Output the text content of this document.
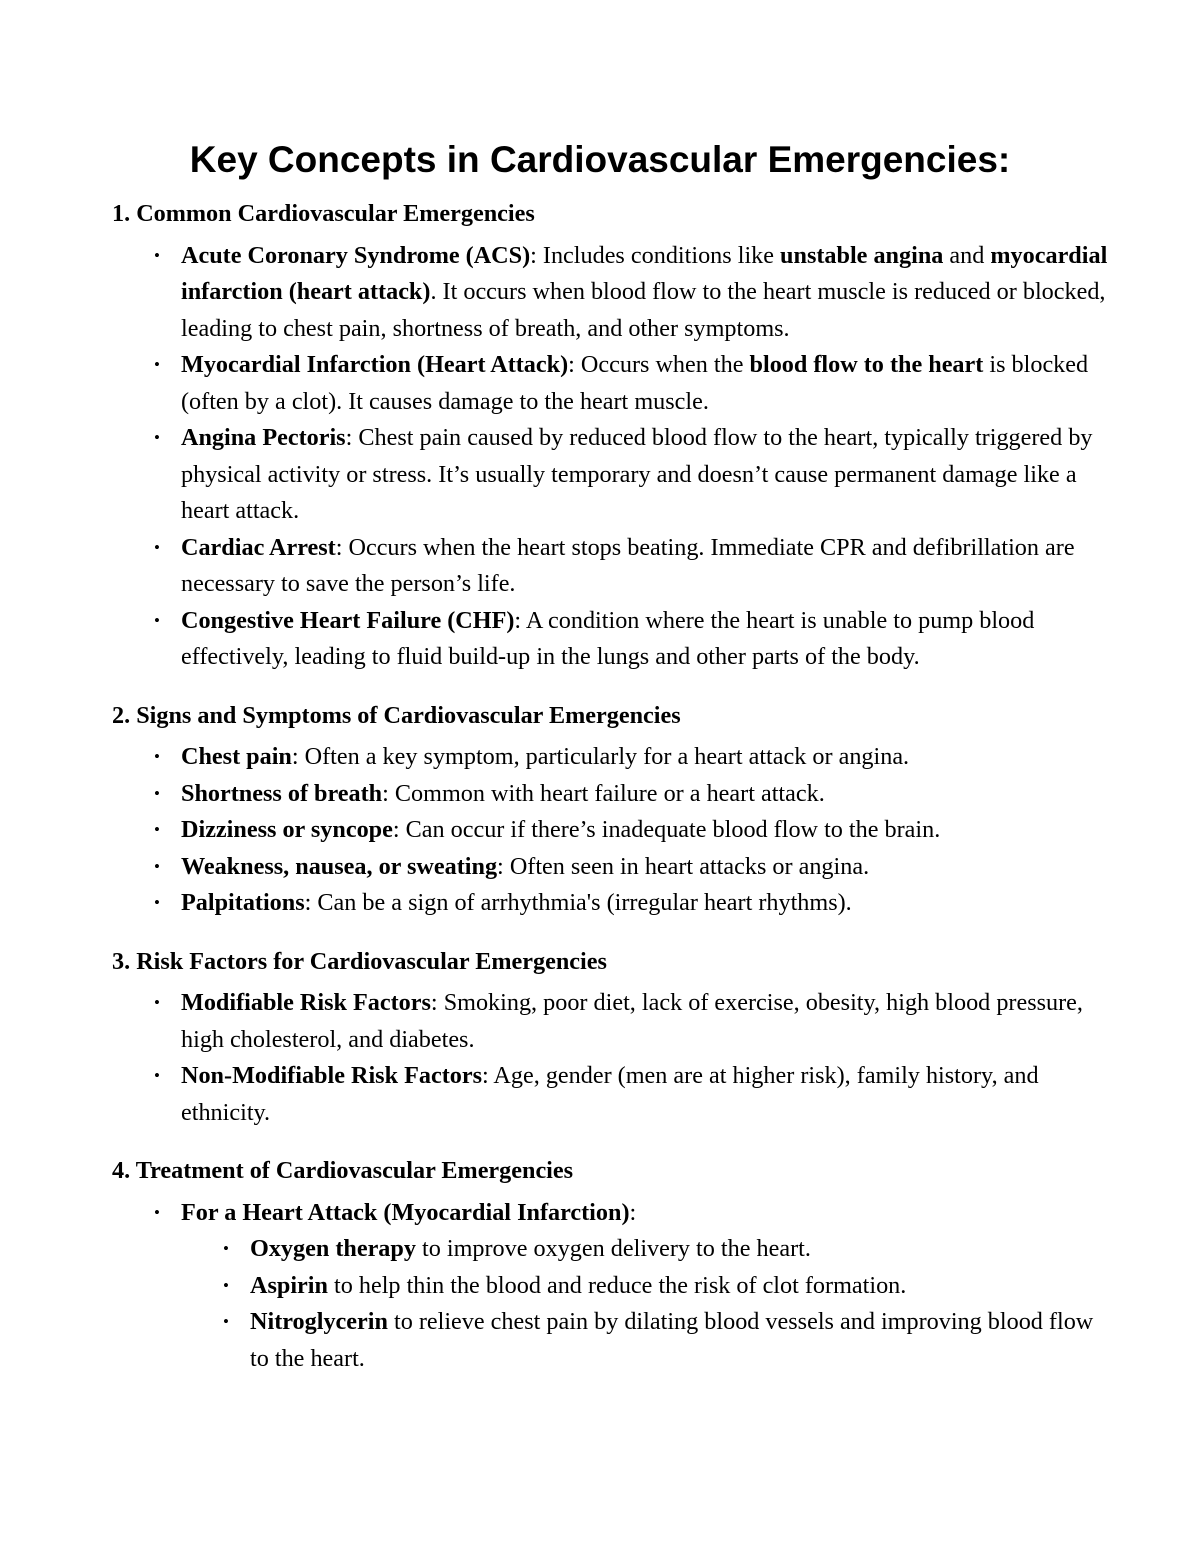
Key Concepts in Cardiovascular Emergencies:

1. Common Cardiovascular Emergencies

• Acute Coronary Syndrome (ACS): Includes conditions like unstable angina and myocardial infarction (heart attack). It occurs when blood flow to the heart muscle is reduced or blocked, leading to chest pain, shortness of breath, and other symptoms.
• Myocardial Infarction (Heart Attack): Occurs when the blood flow to the heart is blocked (often by a clot). It causes damage to the heart muscle.
• Angina Pectoris: Chest pain caused by reduced blood flow to the heart, typically triggered by physical activity or stress. It’s usually temporary and doesn’t cause permanent damage like a heart attack.
• Cardiac Arrest: Occurs when the heart stops beating. Immediate CPR and defibrillation are necessary to save the person’s life.
• Congestive Heart Failure (CHF): A condition where the heart is unable to pump blood effectively, leading to fluid build-up in the lungs and other parts of the body.

2. Signs and Symptoms of Cardiovascular Emergencies

• Chest pain: Often a key symptom, particularly for a heart attack or angina.
• Shortness of breath: Common with heart failure or a heart attack.
• Dizziness or syncope: Can occur if there’s inadequate blood flow to the brain.
• Weakness, nausea, or sweating: Often seen in heart attacks or angina.
• Palpitations: Can be a sign of arrhythmia's (irregular heart rhythms).

3. Risk Factors for Cardiovascular Emergencies

• Modifiable Risk Factors: Smoking, poor diet, lack of exercise, obesity, high blood pressure, high cholesterol, and diabetes.
• Non-Modifiable Risk Factors: Age, gender (men are at higher risk), family history, and ethnicity.

4. Treatment of Cardiovascular Emergencies

• For a Heart Attack (Myocardial Infarction):
• Oxygen therapy to improve oxygen delivery to the heart.
• Aspirin to help thin the blood and reduce the risk of clot formation.
• Nitroglycerin to relieve chest pain by dilating blood vessels and improving blood flow to the heart.
